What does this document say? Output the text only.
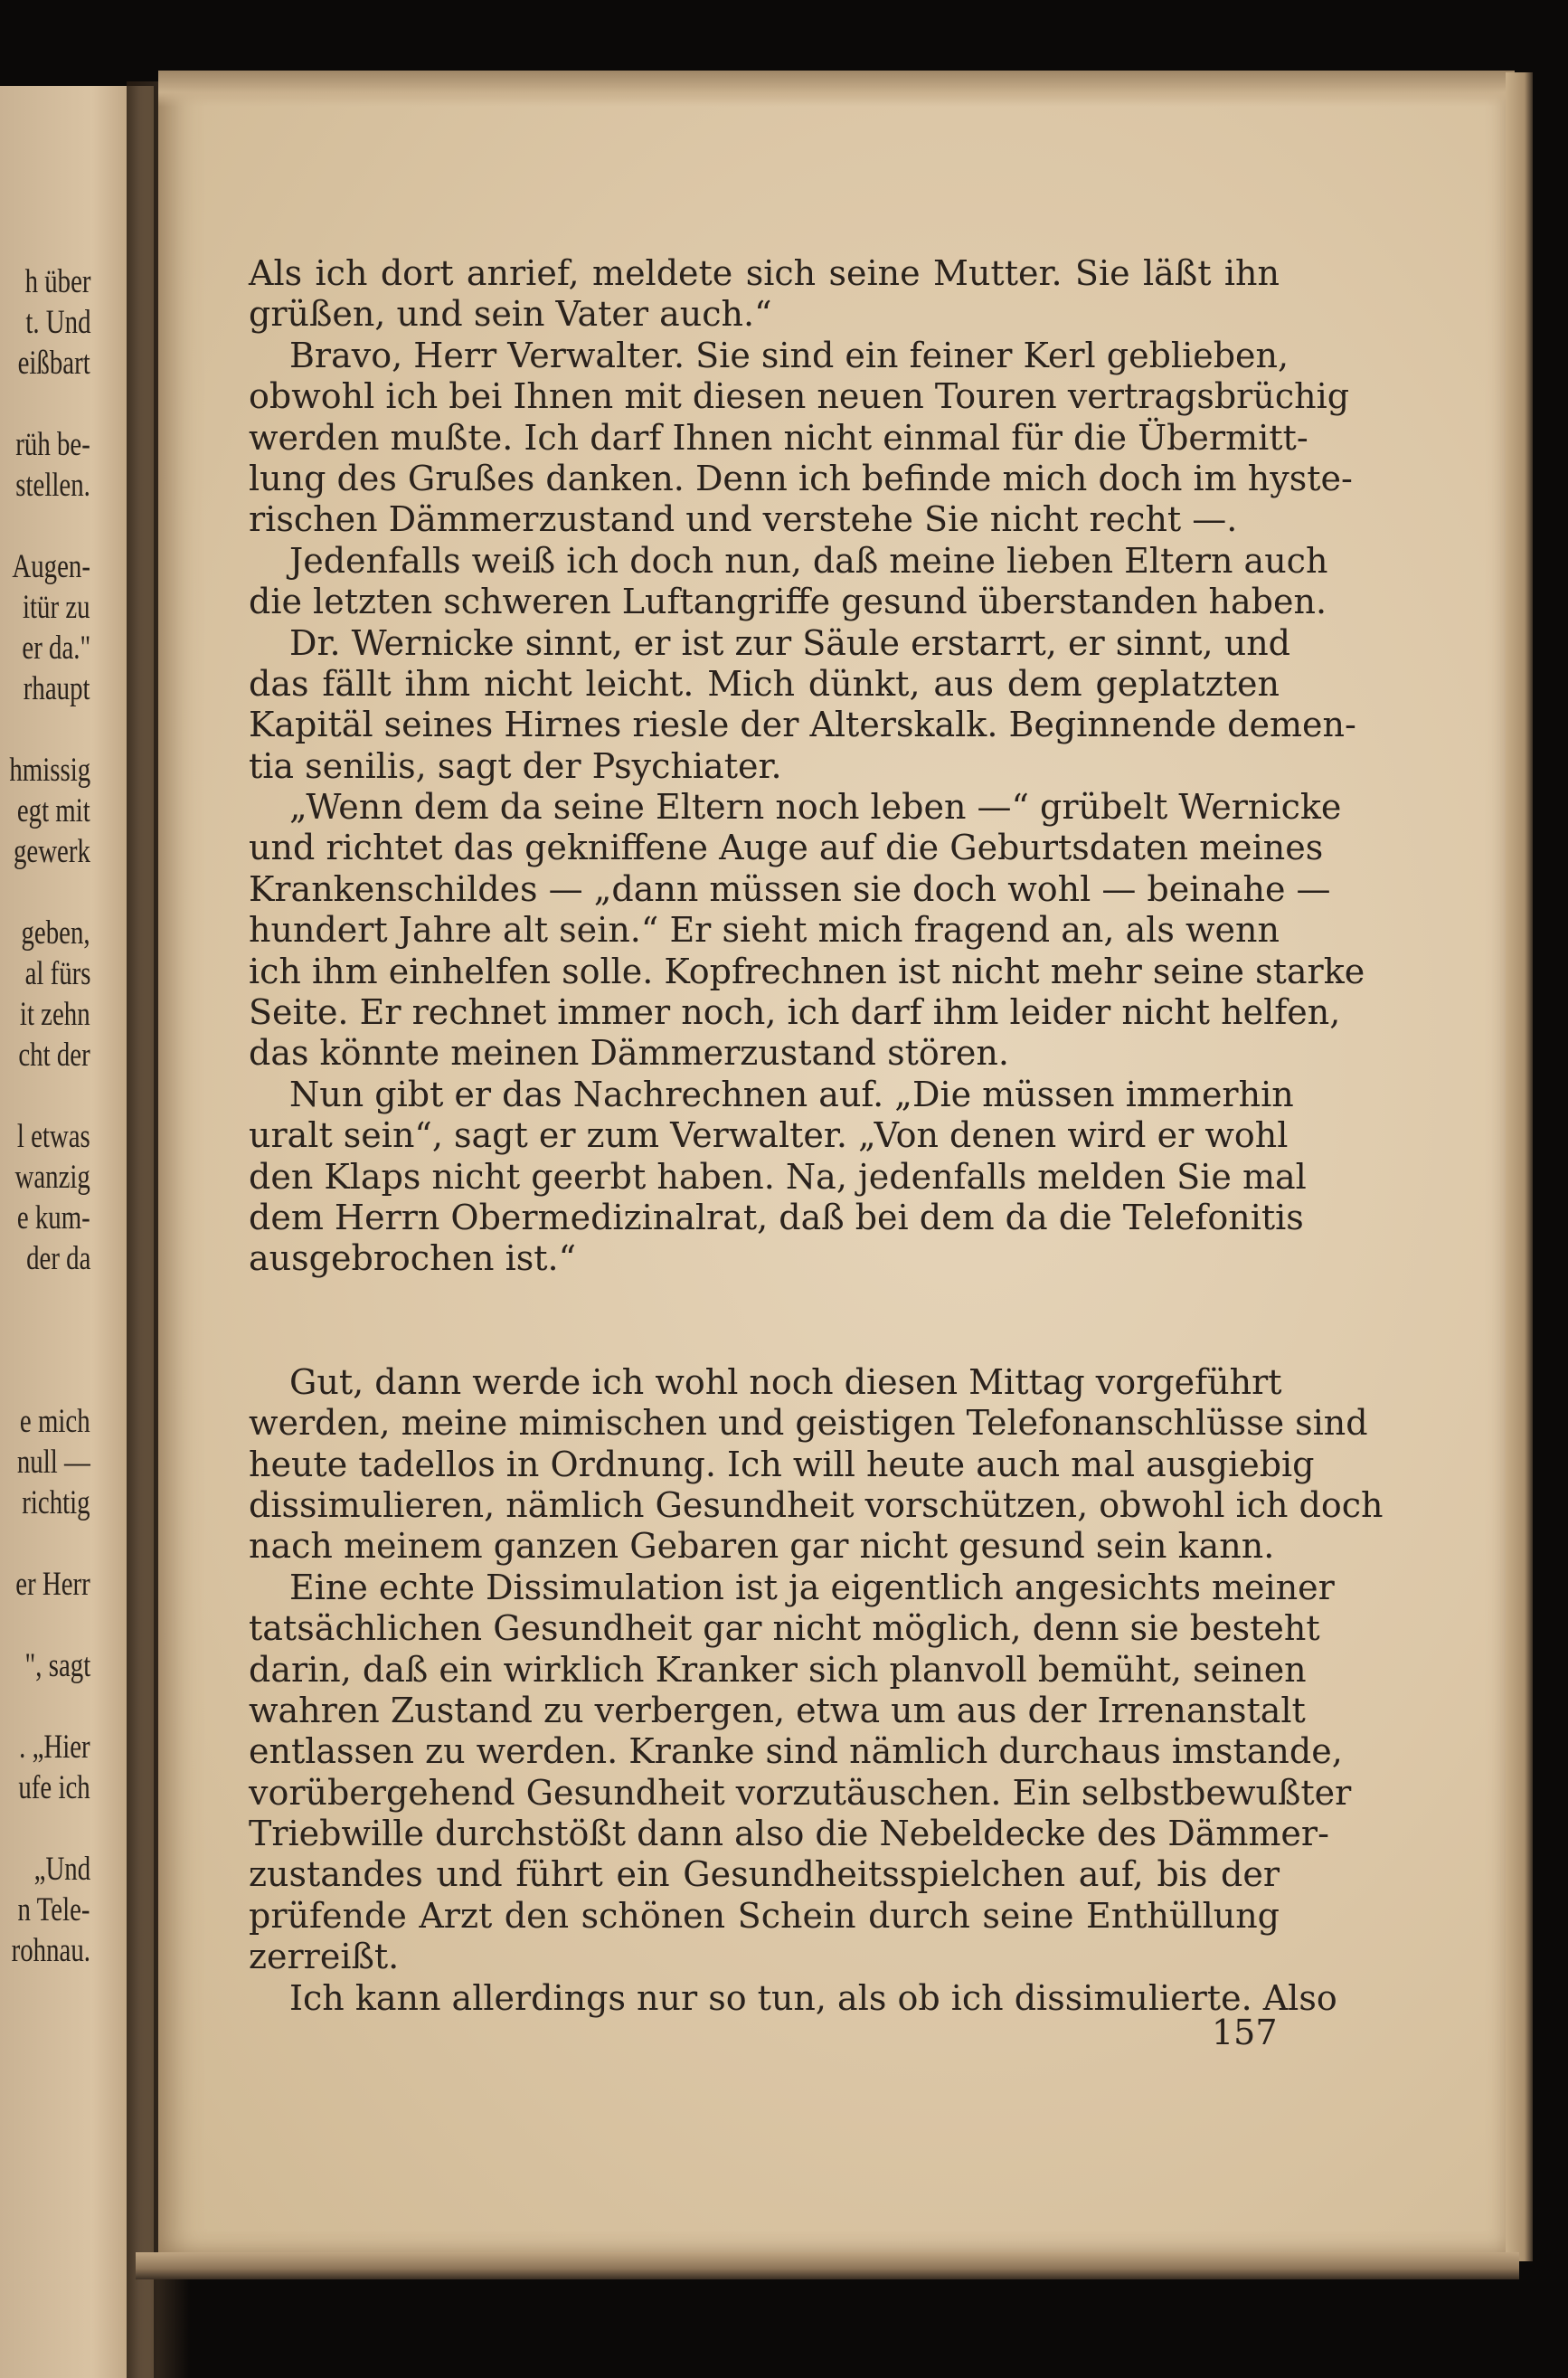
h über
t. Und
eißbart
rüh be-
stellen.
Augen-
itür zu
er da."
rhaupt
hmissig
egt mit
gewerk
geben,
al fürs
it zehn
cht der
l etwas
wanzig
e kum-
der da
e mich
null —
richtig
er Herr
", sagt
. „Hier
ufe ich
„Und
n Tele-
rohnau.
Als ich dort anrief, meldete sich seine Mutter. Sie läßt ihn
grüßen, und sein Vater auch.“
Bravo, Herr Verwalter. Sie sind ein feiner Kerl geblieben,
obwohl ich bei Ihnen mit diesen neuen Touren vertragsbrüchig
werden mußte. Ich darf Ihnen nicht einmal für die Übermitt-
lung des Grußes danken. Denn ich befinde mich doch im hyste-
rischen Dämmerzustand und verstehe Sie nicht recht —.
Jedenfalls weiß ich doch nun, daß meine lieben Eltern auch
die letzten schweren Luftangriffe gesund überstanden haben.
Dr. Wernicke sinnt, er ist zur Säule erstarrt, er sinnt, und
das fällt ihm nicht leicht. Mich dünkt, aus dem geplatzten
Kapitäl seines Hirnes riesle der Alterskalk. Beginnende demen-
tia senilis, sagt der Psychiater.
„Wenn dem da seine Eltern noch leben —“ grübelt Wernicke
und richtet das gekniffene Auge auf die Geburtsdaten meines
Krankenschildes — „dann müssen sie doch wohl — beinahe —
hundert Jahre alt sein.“ Er sieht mich fragend an, als wenn
ich ihm einhelfen solle. Kopfrechnen ist nicht mehr seine starke
Seite. Er rechnet immer noch, ich darf ihm leider nicht helfen,
das könnte meinen Dämmerzustand stören.
Nun gibt er das Nachrechnen auf. „Die müssen immerhin
uralt sein“, sagt er zum Verwalter. „Von denen wird er wohl
den Klaps nicht geerbt haben. Na, jedenfalls melden Sie mal
dem Herrn Obermedizinalrat, daß bei dem da die Telefonitis
ausgebrochen ist.“
Gut, dann werde ich wohl noch diesen Mittag vorgeführt
werden, meine mimischen und geistigen Telefonanschlüsse sind
heute tadellos in Ordnung. Ich will heute auch mal ausgiebig
dissimulieren, nämlich Gesundheit vorschützen, obwohl ich doch
nach meinem ganzen Gebaren gar nicht gesund sein kann.
Eine echte Dissimulation ist ja eigentlich angesichts meiner
tatsächlichen Gesundheit gar nicht möglich, denn sie besteht
darin, daß ein wirklich Kranker sich planvoll bemüht, seinen
wahren Zustand zu verbergen, etwa um aus der Irrenanstalt
entlassen zu werden. Kranke sind nämlich durchaus imstande,
vorübergehend Gesundheit vorzutäuschen. Ein selbstbewußter
Triebwille durchstößt dann also die Nebeldecke des Dämmer-
zustandes und führt ein Gesundheitsspielchen auf, bis der
prüfende Arzt den schönen Schein durch seine Enthüllung
zerreißt.
Ich kann allerdings nur so tun, als ob ich dissimulierte. Also
157
